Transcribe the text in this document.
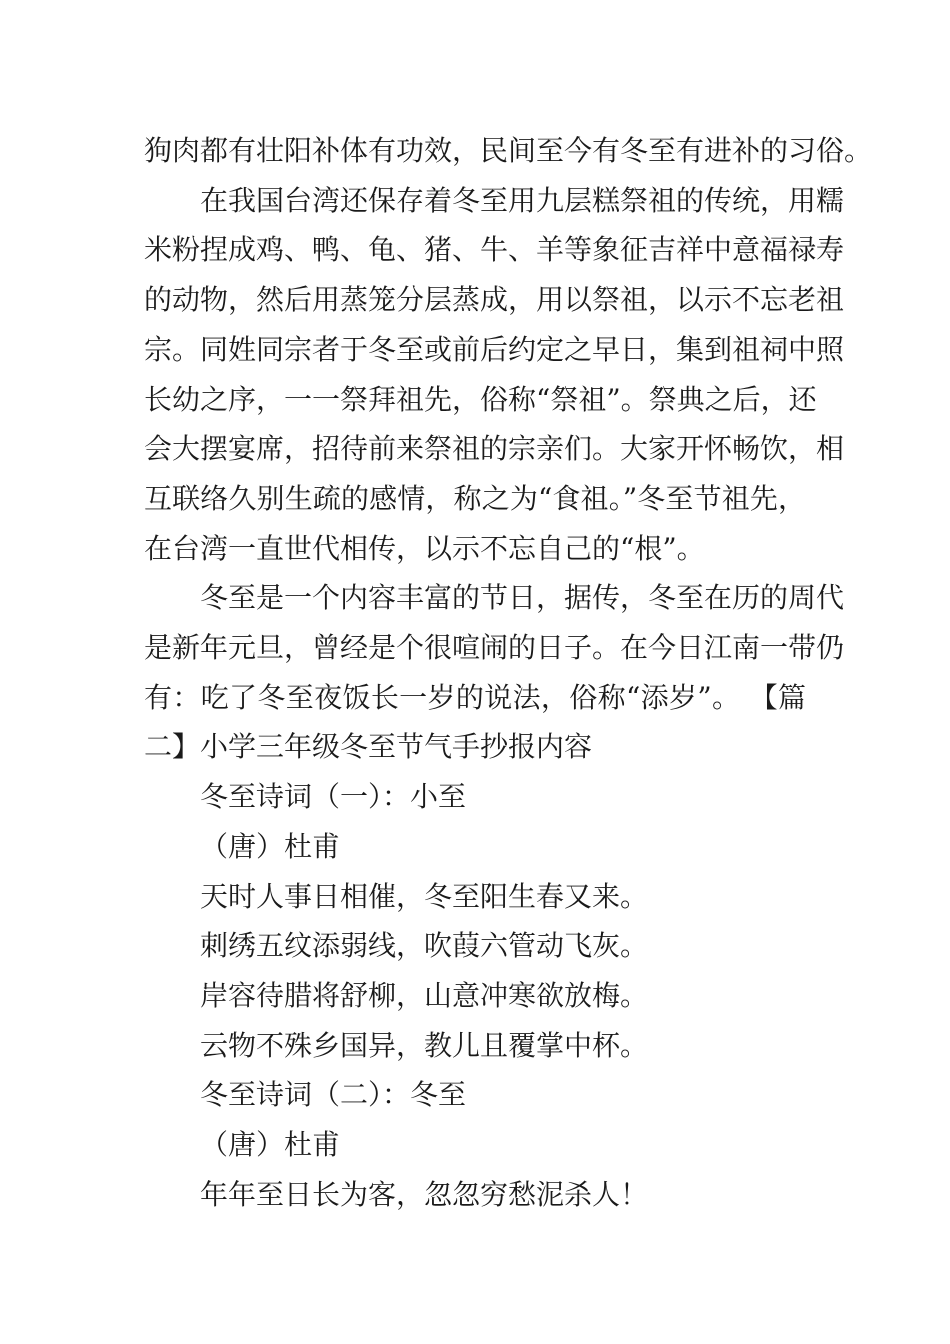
狗肉都有壮阳补体有功效，民间至今有冬至有进补的习俗。
在我国台湾还保存着冬至用九层糕祭祖的传统，用糯
米粉捏成鸡、鸭、龟、猪、牛、羊等象征吉祥中意福禄寿
的动物，然后用蒸笼分层蒸成，用以祭祖，以示不忘老祖
宗。同姓同宗者于冬至或前后约定之早日，集到祖祠中照
长幼之序，一一祭拜祖先，俗称“祭祖”。祭典之后，还
会大摆宴席，招待前来祭祖的宗亲们。大家开怀畅饮，相
互联络久别生疏的感情，称之为“食祖。”冬至节祖先，
在台湾一直世代相传，以示不忘自己的“根”。
冬至是一个内容丰富的节日，据传，冬至在历的周代
是新年元旦，曾经是个很喧闹的日子。在今日江南一带仍
有：吃了冬至夜饭长一岁的说法，俗称“添岁”。 【篇
二】小学三年级冬至节气手抄报内容
冬至诗词（一）：小至
（唐）杜甫
天时人事日相催，冬至阳生春又来。
刺绣五纹添弱线，吹葭六管动飞灰。
岸容待腊将舒柳，山意冲寒欲放梅。
云物不殊乡国异，教儿且覆掌中杯。
冬至诗词（二）：冬至
（唐）杜甫
年年至日长为客，忽忽穷愁泥杀人！
